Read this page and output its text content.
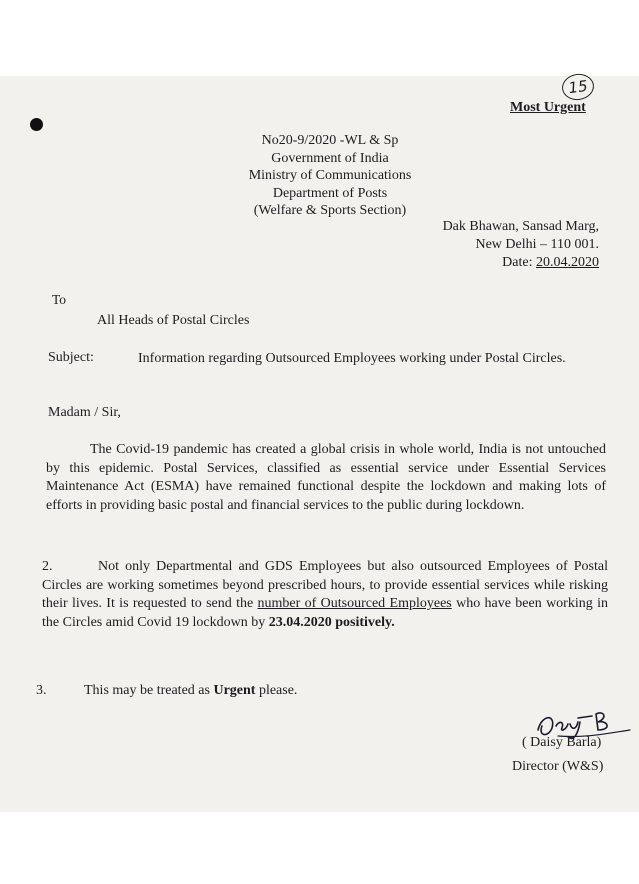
15
Most Urgent
No20-9/2020 -WL & Sp
Government of India
Ministry of Communications
Department of Posts
(Welfare & Sports Section)
Dak Bhawan, Sansad Marg,
New Delhi – 110 001.
Date: 20.04.2020
To
All Heads of Postal Circles
Subject:	Information regarding Outsourced Employees working under Postal Circles.
Madam / Sir,
The Covid-19 pandemic has created a global crisis in whole world, India is not untouched by this epidemic. Postal Services, classified as essential service under Essential Services Maintenance Act (ESMA) have remained functional despite the lockdown and making lots of efforts in providing basic postal and financial services to the public during lockdown.
2.	Not only Departmental and GDS Employees but also outsourced Employees of Postal Circles are working sometimes beyond prescribed hours, to provide essential services while risking their lives. It is requested to send the number of Outsourced Employees who have been working in the Circles amid Covid 19 lockdown by 23.04.2020 positively.
3.	This may be treated as Urgent please.
( Daisy Barla)
Director (W&S)
